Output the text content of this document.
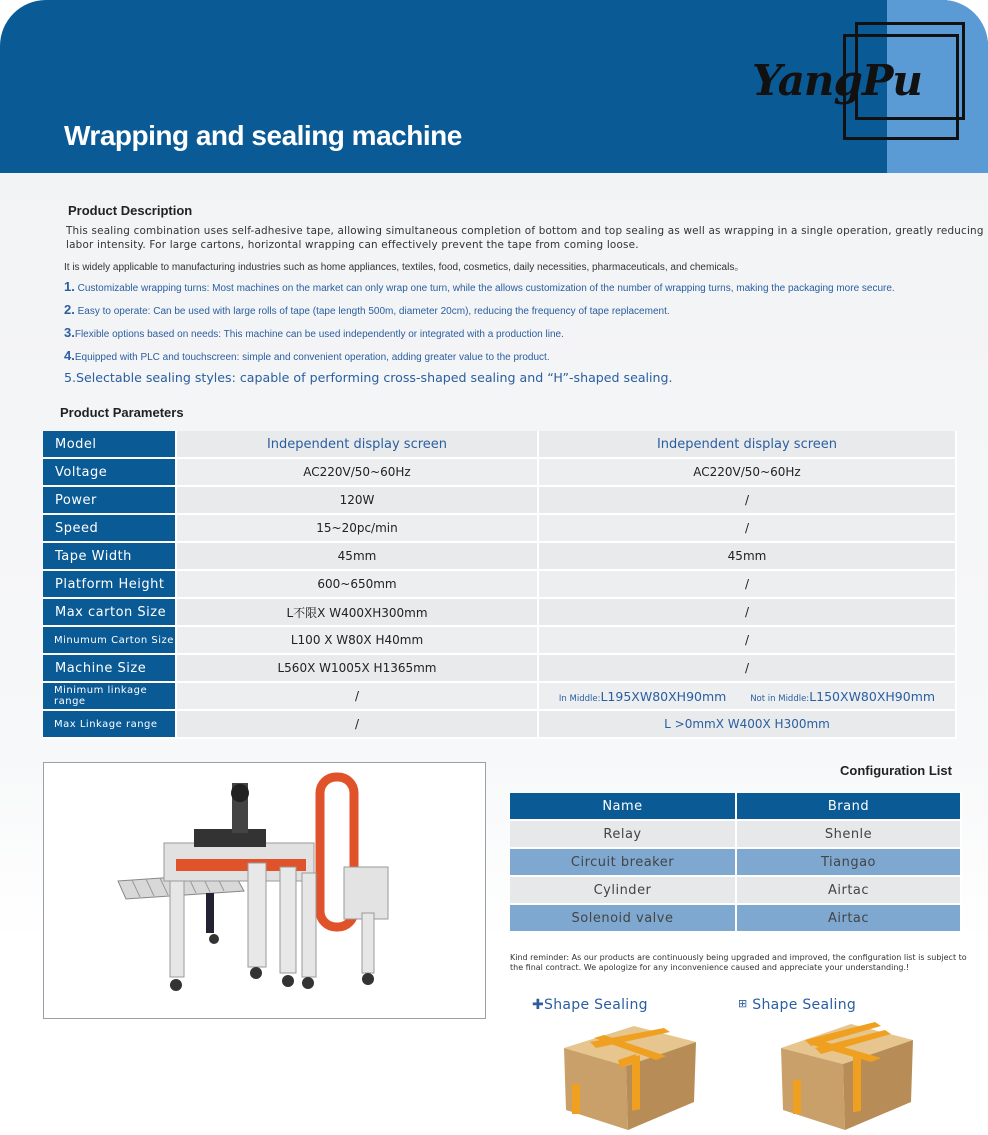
Wrapping and sealing machine
YangPu
Product Description
This sealing combination uses self-adhesive tape, allowing simultaneous completion of bottom and top sealing as well as wrapping in a single operation, greatly reducing labor intensity. For large cartons, horizontal wrapping can effectively prevent the tape from coming loose.
It is widely applicable to manufacturing industries such as home appliances, textiles, food, cosmetics, daily necessities, pharmaceuticals, and chemicals。
1. Customizable wrapping turns: Most machines on the market can only wrap one turn, while the allows customization of the number of wrapping turns, making the packaging more secure.
2. Easy to operate: Can be used with large rolls of tape (tape length 500m, diameter 20cm), reducing the frequency of tape replacement.
3.Flexible options based on needs: This machine can be used independently or integrated with a production line.
4.Equipped with PLC and touchscreen: simple and convenient operation, adding greater value to the product.
5.Selectable sealing styles: capable of performing cross-shaped sealing and “H”-shaped sealing.
Product Parameters
Model	Independent display screen	Independent display screen
Voltage	AC220V/50~60Hz	AC220V/50~60Hz
Power	120W	/
Speed	15~20pc/min	/
Tape Width	45mm	45mm
Platform Height	600~650mm	/
Max carton Size	L不限X W400XH300mm	/
Minumum Carton Size	L100 X W80X H40mm	/
Machine Size	L560X W1005X H1365mm	/
Minimum linkage range	/	In Middle:L195XW80XH90mm Not in Middle:L150XW80XH90mm
Max Linkage range	/	L >0mmX W400X H300mm
Configuration List
Name	Brand
Relay	Shenle
Circuit breaker	Tiangao
Cylinder	Airtac
Solenoid valve	Airtac
Kind reminder: As our products are continuously being upgraded and improved, the configuration list is subject to the final contract. We apologize for any inconvenience caused and appreciate your understanding.!
✚Shape Sealing	⊞ Shape Sealing
